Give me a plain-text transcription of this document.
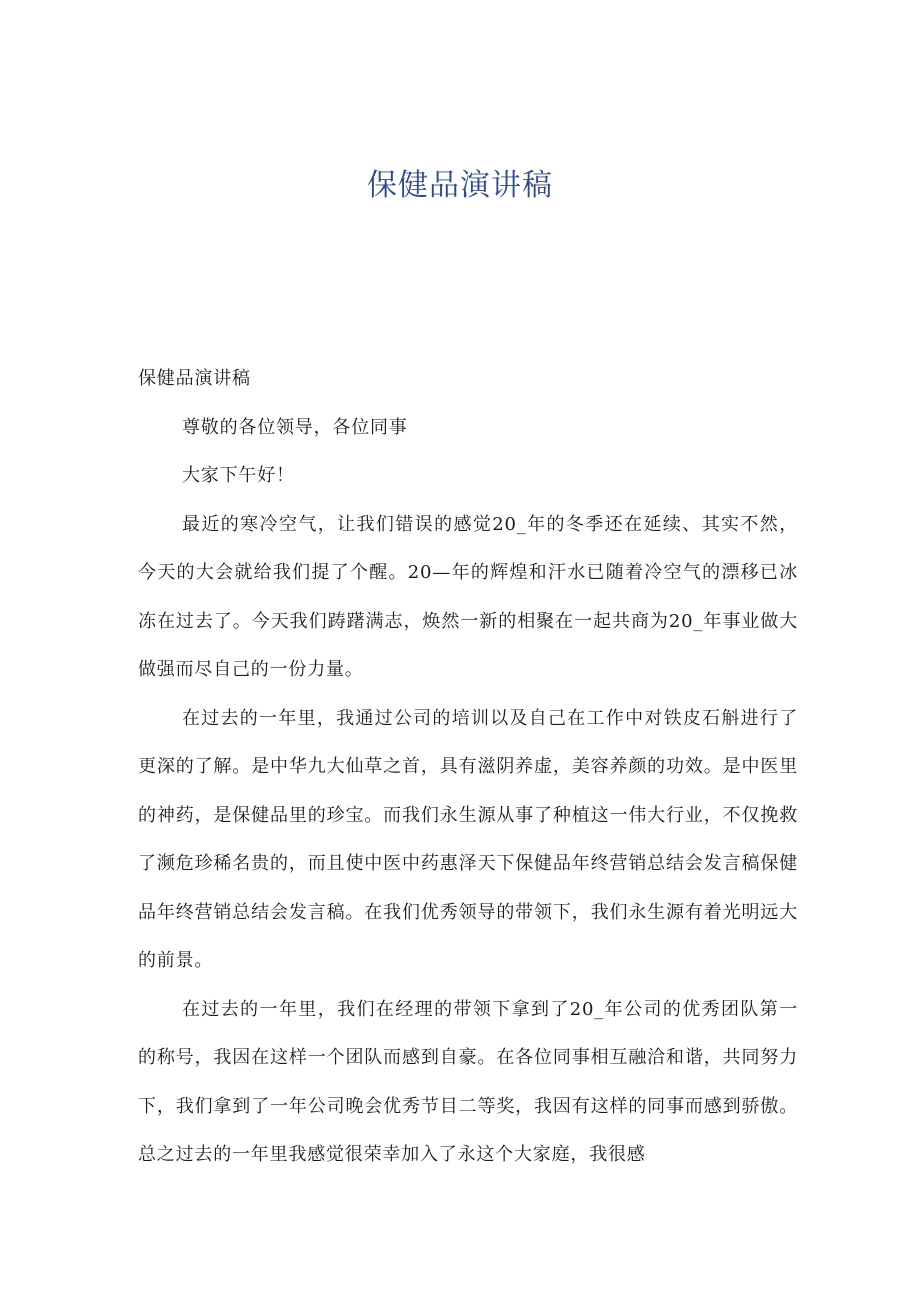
保健品演讲稿

保健品演讲稿

尊敬的各位领导，各位同事

大家下午好！

最近的寒冷空气，让我们错误的感觉20_年的冬季还在延续、其实不然，今天的大会就给我们提了个醒。20—年的辉煌和汗水已随着冷空气的漂移已冰冻在过去了。今天我们踌躇满志，焕然一新的相聚在一起共商为20_年事业做大做强而尽自己的一份力量。

在过去的一年里，我通过公司的培训以及自己在工作中对铁皮石斛进行了更深的了解。是中华九大仙草之首，具有滋阴养虚，美容养颜的功效。是中医里的神药，是保健品里的珍宝。而我们永生源从事了种植这一伟大行业，不仅挽救了濒危珍稀名贵的，而且使中医中药惠泽天下保健品年终营销总结会发言稿保健品年终营销总结会发言稿。在我们优秀领导的带领下，我们永生源有着光明远大的前景。

在过去的一年里，我们在经理的带领下拿到了20_年公司的优秀团队第一的称号，我因在这样一个团队而感到自豪。在各位同事相互融洽和谐，共同努力下，我们拿到了一年公司晚会优秀节目二等奖，我因有这样的同事而感到骄傲。总之过去的一年里我感觉很荣幸加入了永这个大家庭，我很感
